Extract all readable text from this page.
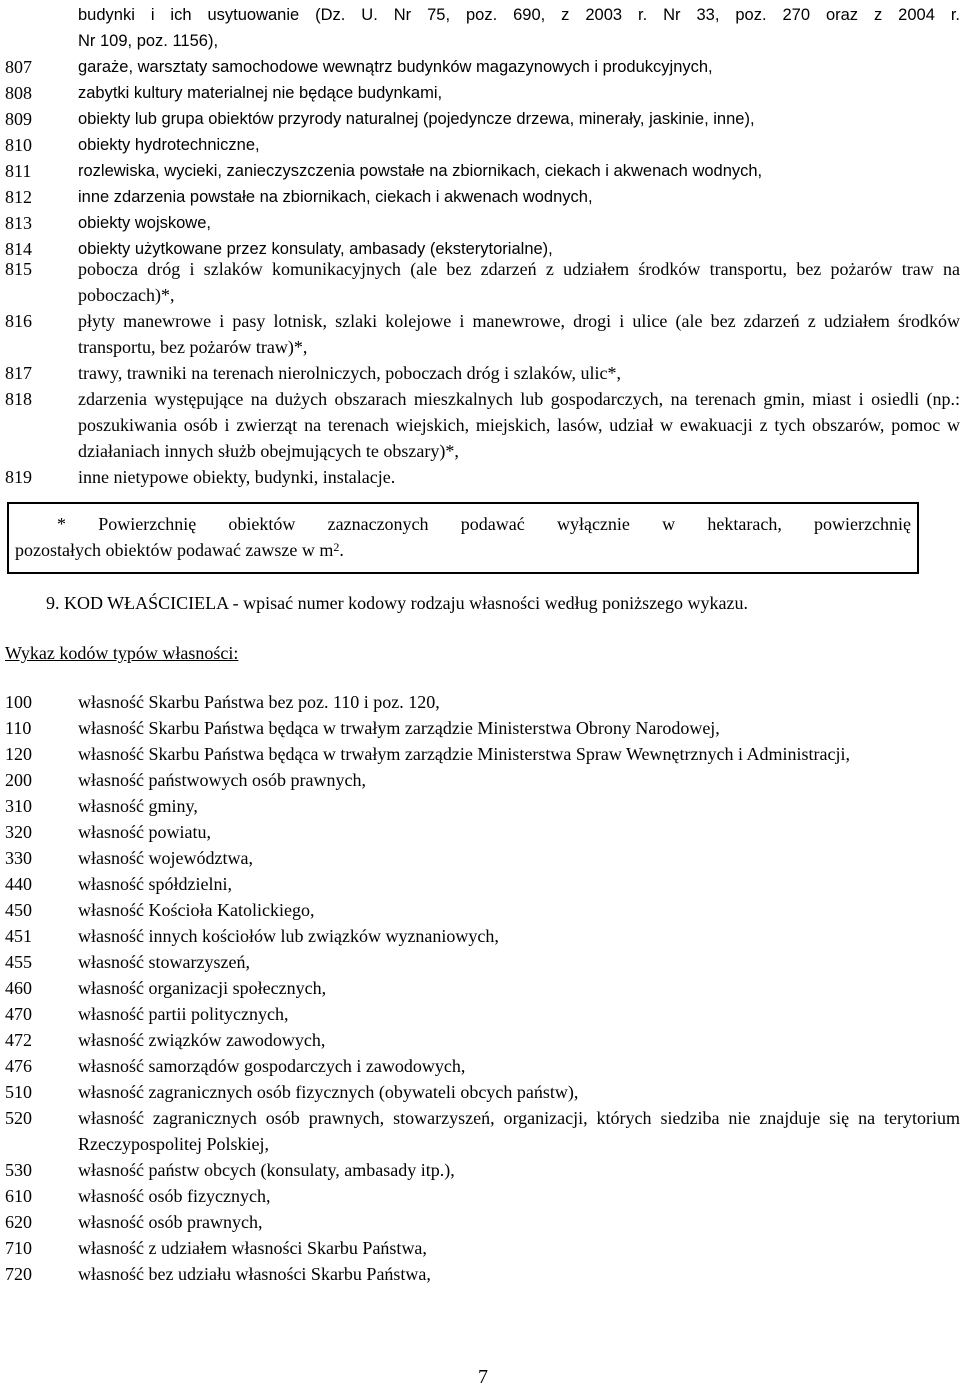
budynki i ich usytuowanie (Dz. U. Nr 75, poz. 690, z 2003 r. Nr 33, poz. 270 oraz z 2004 r.
Nr 109, poz. 1156),
807	garaże, warsztaty samochodowe wewnątrz budynków magazynowych i produkcyjnych,
808	zabytki kultury materialnej nie będące budynkami,
809	obiekty lub grupa obiektów przyrody naturalnej (pojedyncze drzewa, minerały, jaskinie, inne),
810	obiekty hydrotechniczne,
811	rozlewiska, wycieki, zanieczyszczenia powstałe na zbiornikach, ciekach i akwenach wodnych,
812	inne zdarzenia powstałe na zbiornikach, ciekach i akwenach wodnych,
813	obiekty wojskowe,
814	obiekty użytkowane przez konsulaty, ambasady (eksterytorialne),
815	pobocza dróg i szlaków komunikacyjnych (ale bez zdarzeń z udziałem środków transportu, bez pożarów traw na poboczach)*,
816	płyty manewrowe i pasy lotnisk, szlaki kolejowe i manewrowe, drogi i ulice (ale bez zdarzeń z udziałem środków transportu, bez pożarów traw)*,
817	trawy, trawniki na terenach nierolniczych, poboczach dróg i szlaków, ulic*,
818	zdarzenia występujące na dużych obszarach mieszkalnych lub gospodarczych, na terenach gmin, miast i osiedli (np.: poszukiwania osób i zwierząt na terenach wiejskich, miejskich, lasów, udział w ewakuacji z tych obszarów, pomoc w działaniach innych służb obejmujących te obszary)*,
819	inne nietypowe obiekty, budynki, instalacje.
* Powierzchnię obiektów zaznaczonych podawać wyłącznie w hektarach, powierzchnię
pozostałych obiektów podawać zawsze w $m^2$.
9. KOD WŁAŚCICIELA - wpisać numer kodowy rodzaju własności według poniższego wykazu.
Wykaz kodów typów własności:
100	własność Skarbu Państwa bez poz. 110 i poz. 120,
110	własność Skarbu Państwa będąca w trwałym zarządzie Ministerstwa Obrony Narodowej,
120	własność Skarbu Państwa będąca w trwałym zarządzie Ministerstwa Spraw Wewnętrznych i Administracji,
200	własność państwowych osób prawnych,
310	własność gminy,
320	własność powiatu,
330	własność województwa,
440	własność spółdzielni,
450	własność Kościoła Katolickiego,
451	własność innych kościołów lub związków wyznaniowych,
455	własność stowarzyszeń,
460	własność organizacji społecznych,
470	własność partii politycznych,
472	własność związków zawodowych,
476	własność samorządów gospodarczych i zawodowych,
510	własność zagranicznych osób fizycznych (obywateli obcych państw),
520	własność zagranicznych osób prawnych, stowarzyszeń, organizacji, których siedziba nie znajduje się na terytorium Rzeczypospolitej Polskiej,
530	własność państw obcych (konsulaty, ambasady itp.),
610	własność osób fizycznych,
620	własność osób prawnych,
710	własność z udziałem własności Skarbu Państwa,
720	własność bez udziału własności Skarbu Państwa,
7
